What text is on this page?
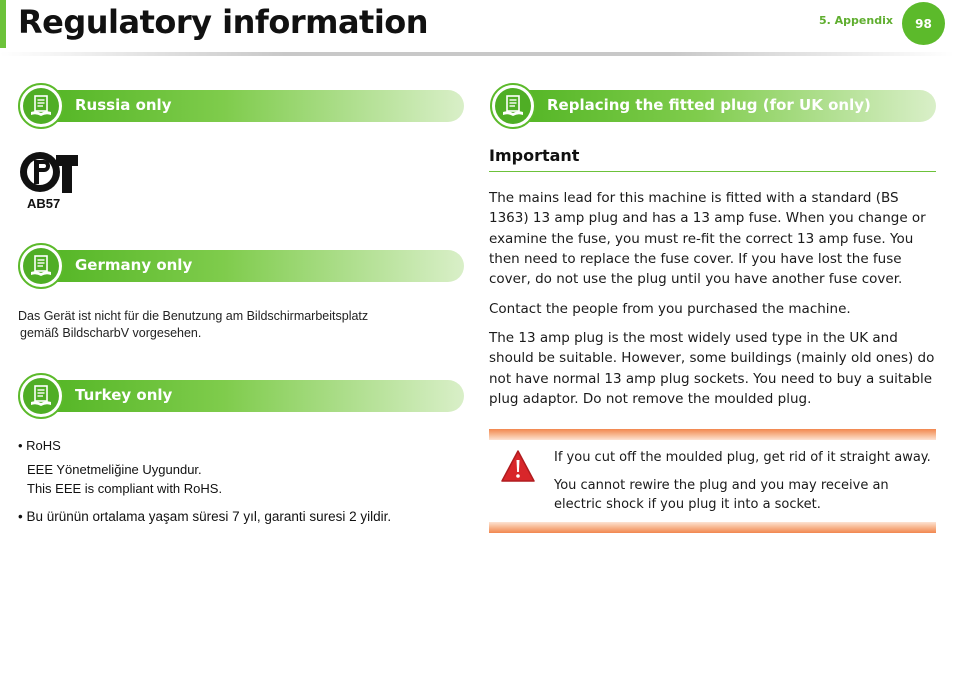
Regulatory information	5. Appendix	98
Russia only
AB57
Germany only

Das Gerät ist nicht für die Benutzung am Bildschirmarbeitsplatz

gemäß BildscharbV vorgesehen.

Turkey only
• RoHS

EEE Yönetmeliğine Uygundur.

This EEE is compliant with RoHS.

• Bu ürünün ortalama yaşam süresi 7 yıl, garanti suresi 2 yildir.
Replacing the fitted plug (for UK only)
Important

The mains lead for this machine is fitted with a standard (BS 1363) 13 amp plug and has a 13 amp fuse. When you change or examine the fuse, you must re-fit the correct 13 amp fuse. You then need to replace the fuse cover. If you have lost the fuse cover, do not use the plug until you have another fuse cover.

Contact the people from you purchased the machine.

The 13 amp plug is the most widely used type in the UK and should be suitable. However, some buildings (mainly old ones) do not have normal 13 amp plug sockets. You need to buy a suitable plug adaptor. Do not remove the moulded plug.

If you cut off the moulded plug, get rid of it straight away.

You cannot rewire the plug and you may receive an electric shock if you plug it into a socket.
